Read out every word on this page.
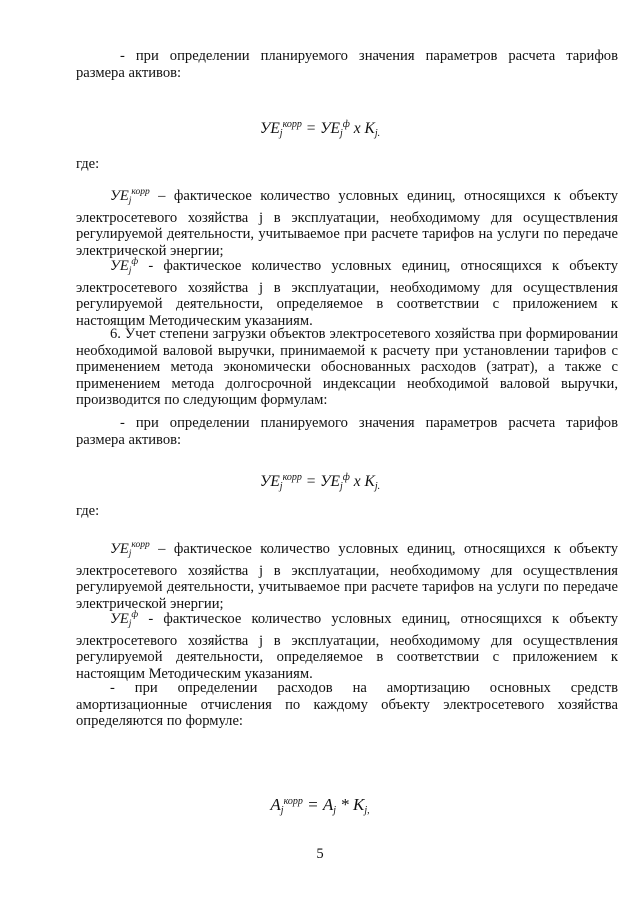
- при определении планируемого значения параметров расчета тарифов размера активов:

$УЕ_j^{корр} = УЕ_j^ф$ x $К_{j.}$
где:

$УЕ_j^{корр}$ – фактическое количество условных единиц, относящихся к объекту электросетевого хозяйства j в эксплуатации, необходимому для осуществления регулируемой деятельности, учитываемое при расчете тарифов на услуги по передаче электрической энергии;

$УЕ_j^ф$ - фактическое количество условных единиц, относящихся к объекту электросетевого хозяйства j в эксплуатации, необходимому для осуществления регулируемой деятельности, определяемое в соответствии с приложением к настоящим Методическим указаниям.

6. Учет степени загрузки объектов электросетевого хозяйства при формировании необходимой валовой выручки, принимаемой к расчету при установлении тарифов с применением метода экономически обоснованных расходов (затрат), а также с применением метода долгосрочной индексации необходимой валовой выручки, производится по следующим формулам:

- при определении планируемого значения параметров расчета тарифов размера активов:

$УЕ_j^{корр} = УЕ_j^ф$ x $К_{j.}$
где:

$УЕ_j^{корр}$ – фактическое количество условных единиц, относящихся к объекту электросетевого хозяйства j в эксплуатации, необходимому для осуществления регулируемой деятельности, учитываемое при расчете тарифов на услуги по передаче электрической энергии;

$УЕ_j^ф$ - фактическое количество условных единиц, относящихся к объекту электросетевого хозяйства j в эксплуатации, необходимому для осуществления регулируемой деятельности, определяемое в соответствии с приложением к настоящим Методическим указаниям.

- при определении расходов на амортизацию основных средств амортизационные отчисления по каждому объекту электросетевого хозяйства определяются по формуле:

$А_j^{корр} = А_j * К_{j,}$
5
